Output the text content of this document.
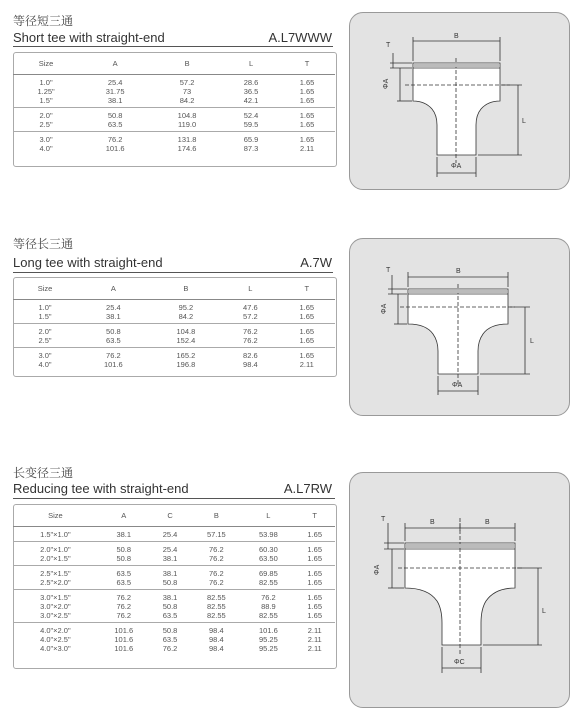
等径短三通
Short tee with straight-end	A.L7WWW
Size	A	B	L	T
1.0"	25.4	57.2	28.6	1.65
1.25"	31.75	73	36.5	1.65
1.5"	38.1	84.2	42.1	1.65
2.0"	50.8	104.8	52.4	1.65
2.5"	63.5	119.0	59.5	1.65
3.0"	76.2	131.8	65.9	1.65
4.0"	101.6	174.6	87.3	2.11
B
T
ΦA
L
ΦA
等径长三通
Long tee with straight-end	A.7W
Size	A	B	L	T
1.0"	25.4	95.2	47.6	1.65
1.5"	38.1	84.2	57.2	1.65
2.0"	50.8	104.8	76.2	1.65
2.5"	63.5	152.4	76.2	1.65
3.0"	76.2	165.2	82.6	1.65
4.0"	101.6	196.8	98.4	2.11
B
T
ΦA
L
ΦA
长变径三通
Reducing tee with straight-end	A.L7RW
Size	A	C	B	L	T
1.5"×1.0"	38.1	25.4	57.15	53.98	1.65
2.0"×1.0"	50.8	25.4	76.2	60.30	1.65
2.0"×1.5"	50.8	38.1	76.2	63.50	1.65
2.5"×1.5"	63.5	38.1	76.2	69.85	1.65
2.5"×2.0"	63.5	50.8	76.2	82.55	1.65
3.0"×1.5"	76.2	38.1	82.55	76.2	1.65
3.0"×2.0"	76.2	50.8	82.55	88.9	1.65
3.0"×2.5"	76.2	63.5	82.55	82.55	1.65
4.0"×2.0"	101.6	50.8	98.4	101.6	2.11
4.0"×2.5"	101.6	63.5	98.4	95.25	2.11
4.0"×3.0"	101.6	76.2	98.4	95.25	2.11
B	B
T
ΦA
L
ΦC
